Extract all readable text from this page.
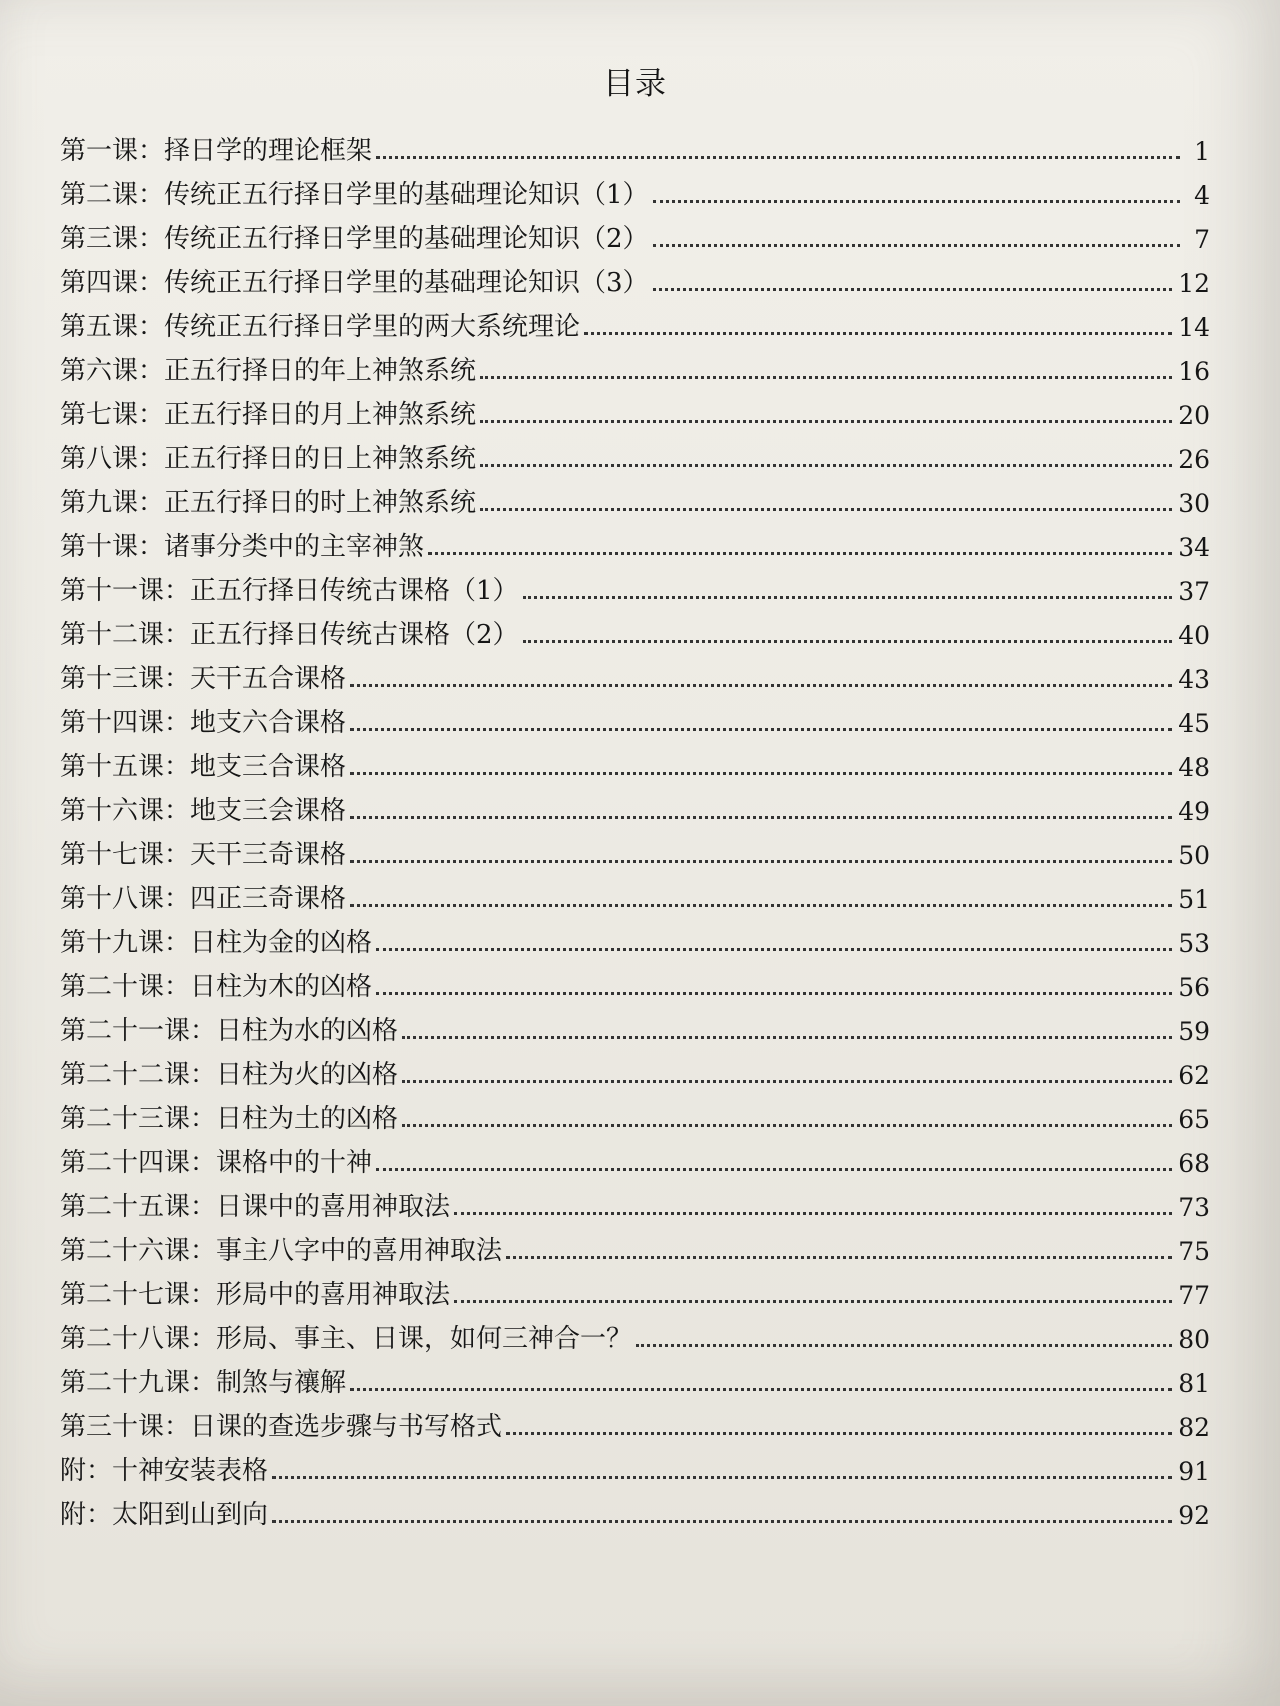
目录
第一课：择日学的理论框架	1
第二课：传统正五行择日学里的基础理论知识（1）	4
第三课：传统正五行择日学里的基础理论知识（2）	7
第四课：传统正五行择日学里的基础理论知识（3）	12
第五课：传统正五行择日学里的两大系统理论	14
第六课：正五行择日的年上神煞系统	16
第七课：正五行择日的月上神煞系统	20
第八课：正五行择日的日上神煞系统	26
第九课：正五行择日的时上神煞系统	30
第十课：诸事分类中的主宰神煞	34
第十一课：正五行择日传统古课格（1）	37
第十二课：正五行择日传统古课格（2）	40
第十三课：天干五合课格	43
第十四课：地支六合课格	45
第十五课：地支三合课格	48
第十六课：地支三会课格	49
第十七课：天干三奇课格	50
第十八课：四正三奇课格	51
第十九课：日柱为金的凶格	53
第二十课：日柱为木的凶格	56
第二十一课：日柱为水的凶格	59
第二十二课：日柱为火的凶格	62
第二十三课：日柱为土的凶格	65
第二十四课：课格中的十神	68
第二十五课：日课中的喜用神取法	73
第二十六课：事主八字中的喜用神取法	75
第二十七课：形局中的喜用神取法	77
第二十八课：形局、事主、日课，如何三神合一？	80
第二十九课：制煞与禳解	81
第三十课：日课的查选步骤与书写格式	82
附：十神安装表格	91
附：太阳到山到向	92
